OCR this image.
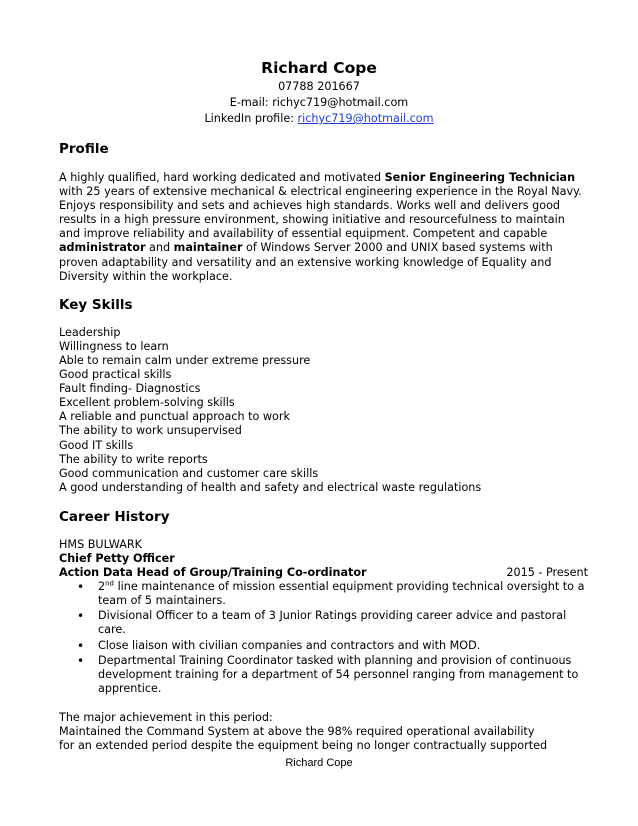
Richard Cope
07788 201667
E-mail: richyc719@hotmail.com
LinkedIn profile: richyc719@hotmail.com
Profile
A highly qualified, hard working dedicated and motivated Senior Engineering Technician with 25 years of extensive mechanical & electrical engineering experience in the Royal Navy. Enjoys responsibility and sets and achieves high standards. Works well and delivers good results in a high pressure environment, showing initiative and resourcefulness to maintain and improve reliability and availability of essential equipment. Competent and capable administrator and maintainer of Windows Server 2000 and UNIX based systems with proven adaptability and versatility and an extensive working knowledge of Equality and Diversity within the workplace.
Key Skills
Leadership
Willingness to learn
Able to remain calm under extreme pressure
Good practical skills
Fault finding- Diagnostics
Excellent problem-solving skills
A reliable and punctual approach to work
The ability to work unsupervised
Good IT skills
The ability to write reports
Good communication and customer care skills
A good understanding of health and safety and electrical waste regulations
Career History
HMS BULWARK
Chief Petty Officer
Action Data Head of Group/Training Co-ordinator	2015 - Present
• 2nd line maintenance of mission essential equipment providing technical oversight to a team of 5 maintainers.
• Divisional Officer to a team of 3 Junior Ratings providing career advice and pastoral care.
• Close liaison with civilian companies and contractors and with MOD.
• Departmental Training Coordinator tasked with planning and provision of continuous development training for a department of 54 personnel ranging from management to apprentice.
The major achievement in this period:
Maintained the Command System at above the 98% required operational availability
for an extended period despite the equipment being no longer contractually supported
Richard Cope
